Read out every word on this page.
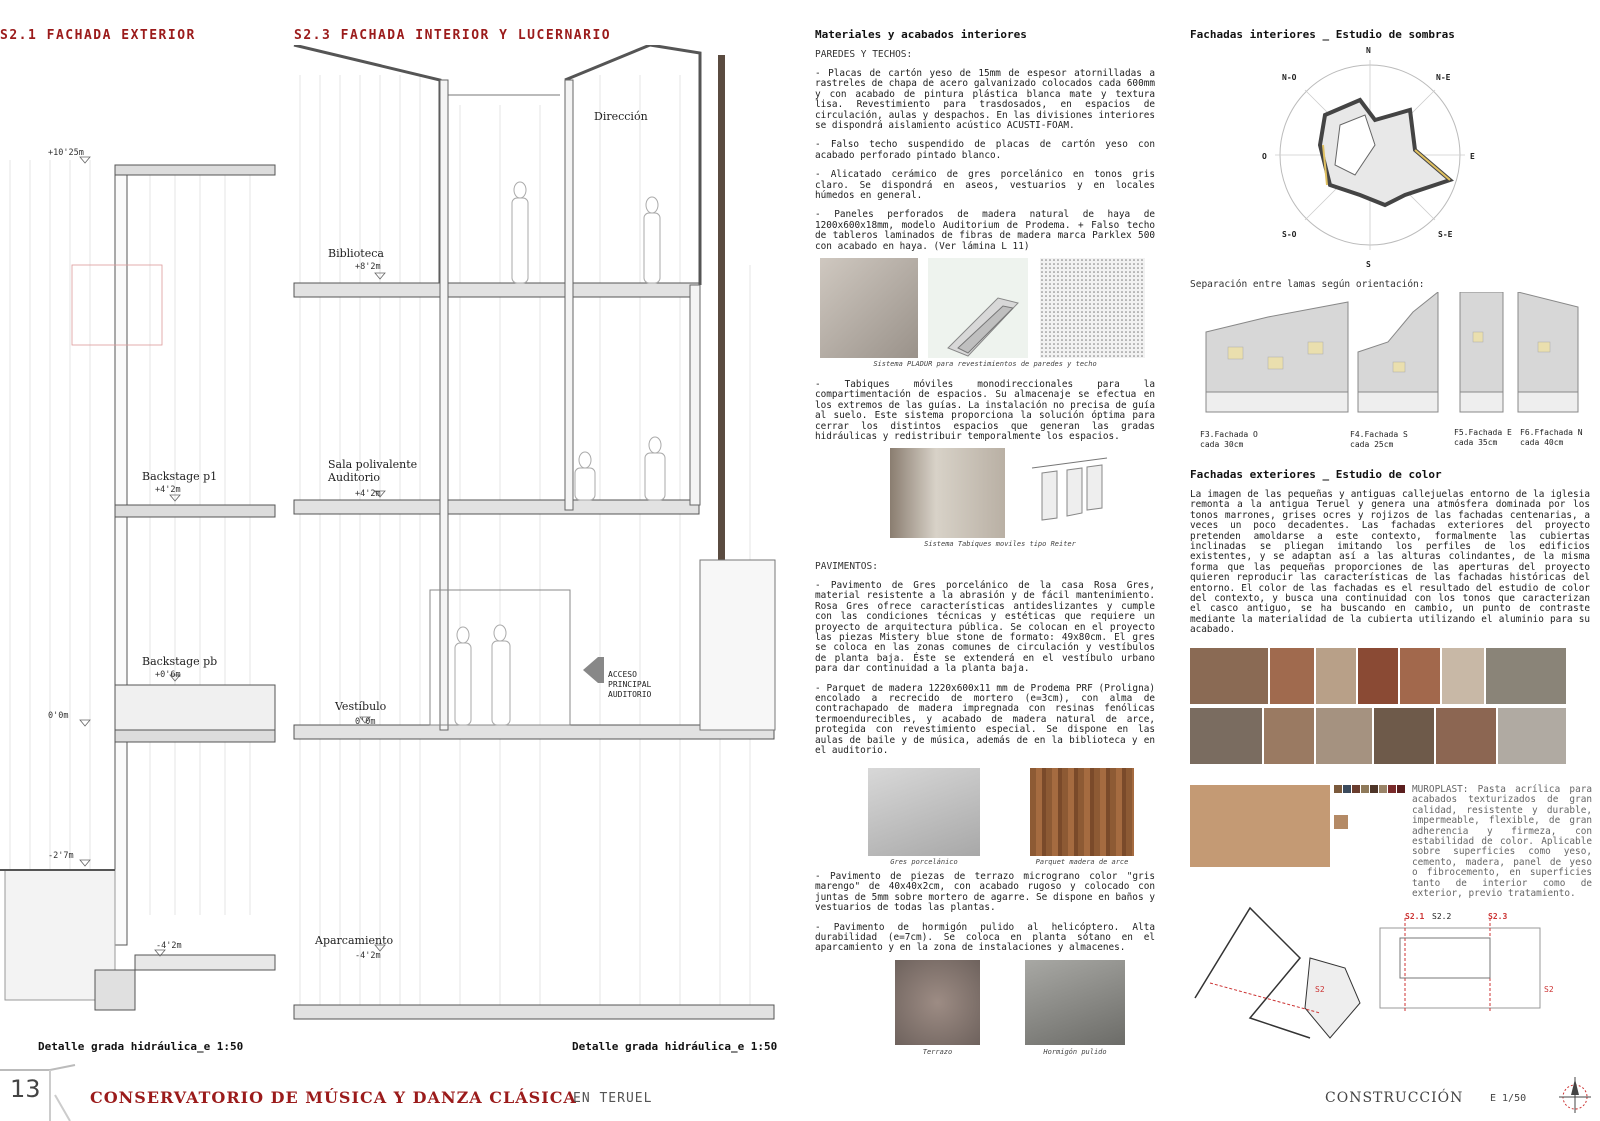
S2.1 FACHADA EXTERIOR	S2.3 FACHADA INTERIOR Y LUCERNARIO
+10'25m
Backstage p1
+4'2m
Backstage pb
+0'6m
0'0m
-2'7m
-4'2m
Detalle grada hidráulica_e 1:50
Dirección
Biblioteca
+8'2m
Sala polivalente
Auditorio
+4'2m
ACCESO
PRINCIPAL
AUDITORIO
Vestíbulo
0'0m
Aparcamiento
-4'2m
Detalle grada hidráulica_e 1:50
Materiales y acabados interiores
PAREDES Y TECHOS:

- Placas de cartón yeso de 15mm de espesor atornilladas a rastreles de chapa de acero galvanizado colocados cada 600mm y con acabado de pintura plástica blanca mate y textura lisa. Revestimiento para trasdosados, en espacios de circulación, aulas y despachos. En las divisiones interiores se dispondrá aislamiento acústico ACUSTI-FOAM.

- Falso techo suspendido de placas de cartón yeso con acabado perforado pintado blanco.

- Alicatado cerámico de gres porcelánico en tonos gris claro. Se dispondrá en aseos, vestuarios y en locales húmedos en general.

- Paneles perforados de madera natural de haya de 1200x600x18mm, modelo Auditorium de Prodema. + Falso techo de tableros laminados de fibras de madera marca Parklex 500 con acabado en haya. (Ver lámina L 11)

Sistema PLADUR para revestimientos de paredes y techo

- Tabiques móviles monodireccionales para la compartimentación de espacios. Su almacenaje se efectua en los extremos de las guías. La instalación no precisa de guía al suelo. Este sistema proporciona la solución óptima para cerrar los distintos espacios que generan las gradas hidráulicas y redistribuir temporalmente los espacios.

Sistema Tabiques moviles tipo Reiter
PAVIMENTOS:

- Pavimento de Gres porcelánico de la casa Rosa Gres, material resistente a la abrasión y de fácil mantenimiento. Rosa Gres ofrece características antideslizantes y cumple con las condiciones técnicas y estéticas que requiere un proyecto de arquitectura pública. Se colocan en el proyecto las piezas Mistery blue stone de formato: 49x80cm. El gres se coloca en las zonas comunes de circulación y vestíbulos de planta baja. Éste se extenderá en el vestíbulo urbano para dar continuidad a la planta baja.

- Parquet de madera 1220x600x11 mm de Prodema PRF (Proligna) encolado a recrecido de mortero (e=3cm), con alma de contrachapado de madera impregnada con resinas fenólicas termoendurecibles, y acabado de madera natural de arce, protegida con revestimiento especial. Se dispone en las aulas de baile y de música, además de en la biblioteca y en el auditorio.

Gres porcelánico	Parquet madera de arce

- Pavimento de piezas de terrazo micrograno color "gris marengo" de 40x40x2cm, con acabado rugoso y colocado con juntas de 5mm sobre mortero de agarre. Se dispone en baños y vestuarios de todas las plantas.

- Pavimento de hormigón pulido al helicóptero. Alta durabilidad (e=7cm). Se coloca en planta sótano en el aparcamiento y en la zona de instalaciones y almacenes.

Terrazo	Hormigón pulido
Fachadas interiores _ Estudio de sombras
N
N-E
E
S-E
S
S-O
O
N-O
Separación entre lamas según orientación:
F3.Fachada O
cada 30cm
F4.Fachada S
cada 25cm
F5.Fachada E
cada 35cm
F6.Ffachada N
cada 40cm
Fachadas exteriores _ Estudio de color

La imagen de las pequeñas y antiguas callejuelas entorno de la iglesia remonta a la antigua Teruel y genera una atmósfera dominada por los tonos marrones, grises ocres y rojizos de las fachadas centenarias, a veces un poco decadentes. Las fachadas exteriores del proyecto pretenden amoldarse a este contexto, formalmente las cubiertas inclinadas se pliegan imitando los perfiles de los edificios existentes, y se adaptan así a las alturas colindantes, de la misma forma que las pequeñas proporciones de las aperturas del proyecto quieren reproducir las características de las fachadas históricas del entorno. El color de las fachadas es el resultado del estudio de color del contexto, y busca una continuidad con los tonos que caracterizan el casco antiguo, se ha buscando en cambio, un punto de contraste mediante la materialidad de la cubierta utilizando el aluminio para su acabado.

MUROPLAST: Pasta acrílica para acabados texturizados de gran calidad, resistente y durable, impermeable, flexible, de gran adherencia y firmeza, con estabilidad de color. Aplicable sobre superficies como yeso, cemento, madera, panel de yeso o fibrocemento, en superficies tanto de interior como de exterior, previo tratamiento.

S2.1 S2.2	S2.3
S2	S2
13	CONSERVATORIO DE MÚSICA Y DANZA CLÁSICA
EN TERUEL	CONSTRUCCIÓN	E 1/50
